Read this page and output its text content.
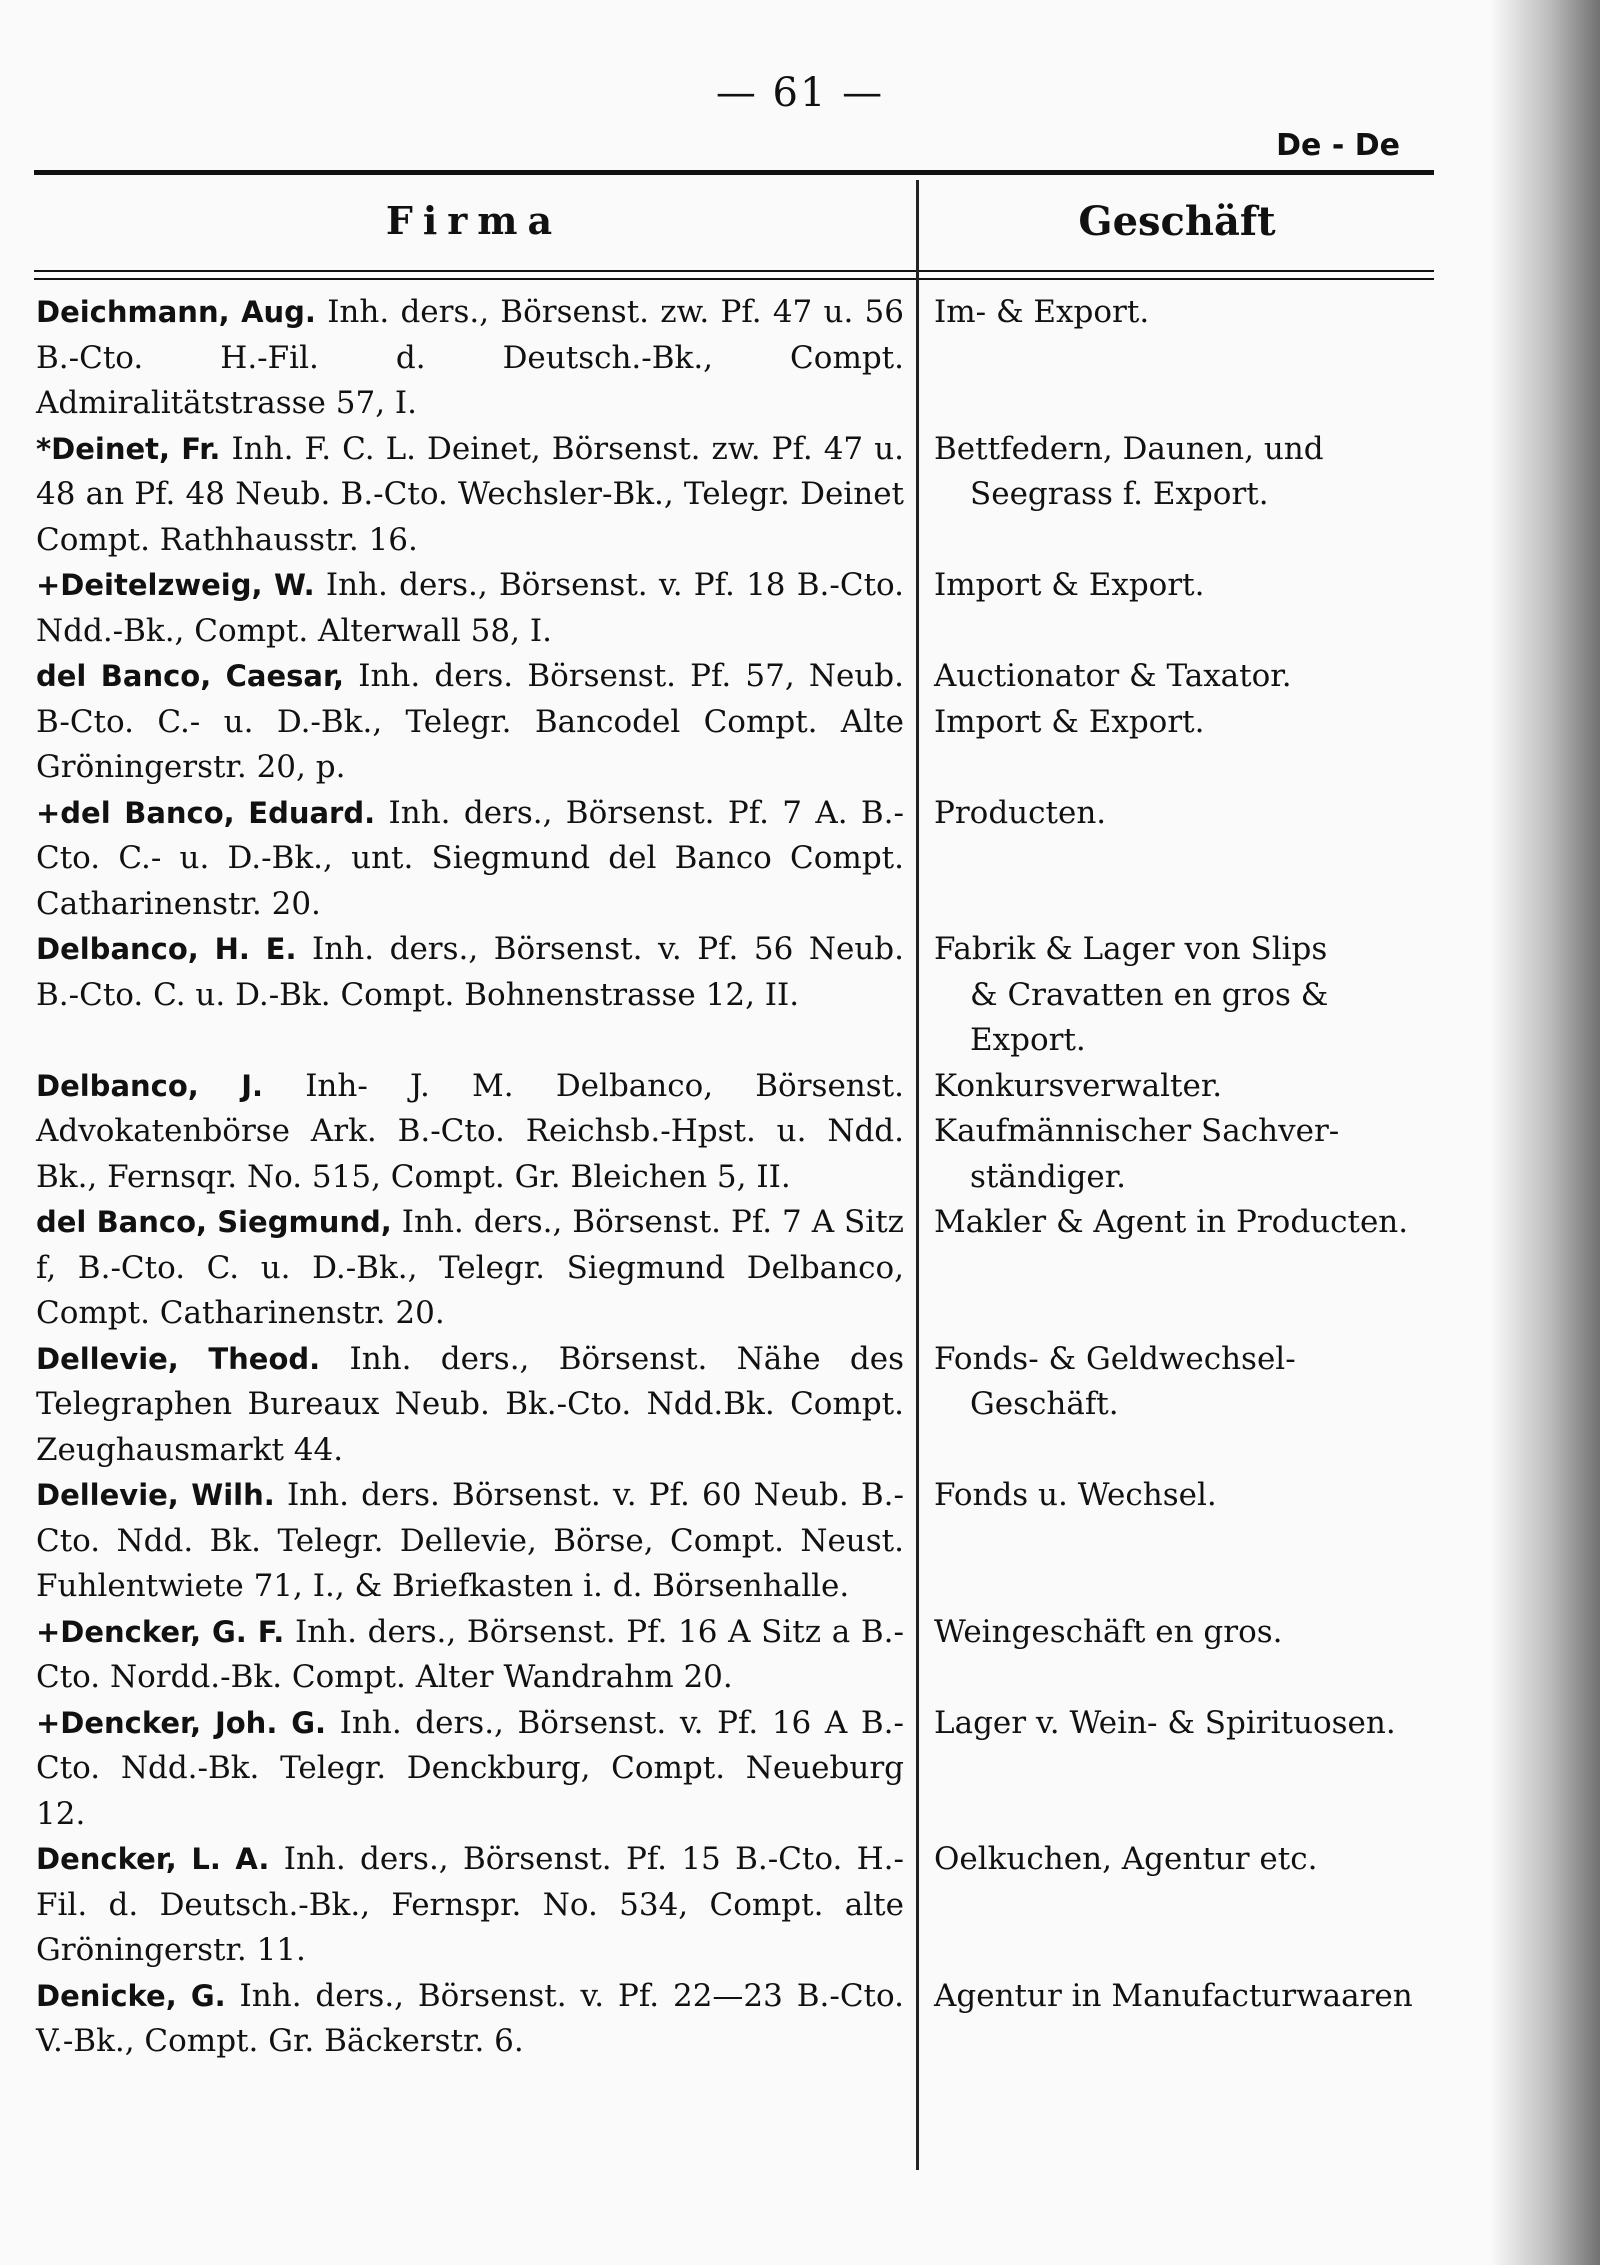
— 61 —
De - De
Firma	Geschäft
Deichmann, Aug. Inh. ders., Börsenst. zw. Pf. 47 u. 56 B.-Cto. H.-Fil. d. Deutsch.-Bk., Compt. Admiralitätstrasse 57, I.
Im- & Export.
*Deinet, Fr. Inh. F. C. L. Deinet, Börsenst. zw. Pf. 47 u. 48 an Pf. 48 Neub. B.-Cto. Wechsler-Bk., Telegr. Deinet Compt. Rathhausstr. 16.
Bettfedern, Daunen, und
Seegrass f. Export.
+Deitelzweig, W. Inh. ders., Börsenst. v. Pf. 18 B.-Cto. Ndd.-Bk., Compt. Alterwall 58, I.
Import & Export.
del Banco, Caesar, Inh. ders. Börsenst. Pf. 57, Neub. B-Cto. C.- u. D.-Bk., Telegr. Bancodel Compt. Alte Gröningerstr. 20, p.
Auctionator & Taxator.
Import & Export.
+del Banco, Eduard. Inh. ders., Börsenst. Pf. 7 A. B.-Cto. C.- u. D.-Bk., unt. Siegmund del Banco Compt. Catharinenstr. 20.
Producten.
Delbanco, H. E. Inh. ders., Börsenst. v. Pf. 56 Neub. B.-Cto. C. u. D.-Bk. Compt. Bohnenstrasse 12, II.
Fabrik & Lager von Slips
& Cravatten en gros &
Export.
Delbanco, J. Inh- J. M. Delbanco, Börsenst. Advokatenbörse Ark. B.-Cto. Reichsb.-Hpst. u. Ndd. Bk., Fernsqr. No. 515, Compt. Gr. Bleichen 5, II.
Konkursverwalter.
Kaufmännischer Sachver-
ständiger.
del Banco, Siegmund, Inh. ders., Börsenst. Pf. 7 A Sitz f, B.-Cto. C. u. D.-Bk., Telegr. Siegmund Delbanco, Compt. Catharinenstr. 20.
Makler & Agent in Producten.
Dellevie, Theod. Inh. ders., Börsenst. Nähe des Telegraphen Bureaux Neub. Bk.-Cto. Ndd.Bk. Compt. Zeughausmarkt 44.
Fonds- & Geldwechsel-
Geschäft.
Dellevie, Wilh. Inh. ders. Börsenst. v. Pf. 60 Neub. B.-Cto. Ndd. Bk. Telegr. Dellevie, Börse, Compt. Neust. Fuhlentwiete 71, I., & Briefkasten i. d. Börsenhalle.
Fonds u. Wechsel.
+Dencker, G. F. Inh. ders., Börsenst. Pf. 16 A Sitz a B.-Cto. Nordd.-Bk. Compt. Alter Wandrahm 20.
Weingeschäft en gros.
+Dencker, Joh. G. Inh. ders., Börsenst. v. Pf. 16 A B.-Cto. Ndd.-Bk. Telegr. Denckburg, Compt. Neueburg 12.
Lager v. Wein- & Spirituosen.
Dencker, L. A. Inh. ders., Börsenst. Pf. 15 B.-Cto. H.-Fil. d. Deutsch.-Bk., Fernspr. No. 534, Compt. alte Gröningerstr. 11.
Oelkuchen, Agentur etc.
Denicke, G. Inh. ders., Börsenst. v. Pf. 22—23 B.-Cto. V.-Bk., Compt. Gr. Bäckerstr. 6.
Agentur in Manufacturwaaren
